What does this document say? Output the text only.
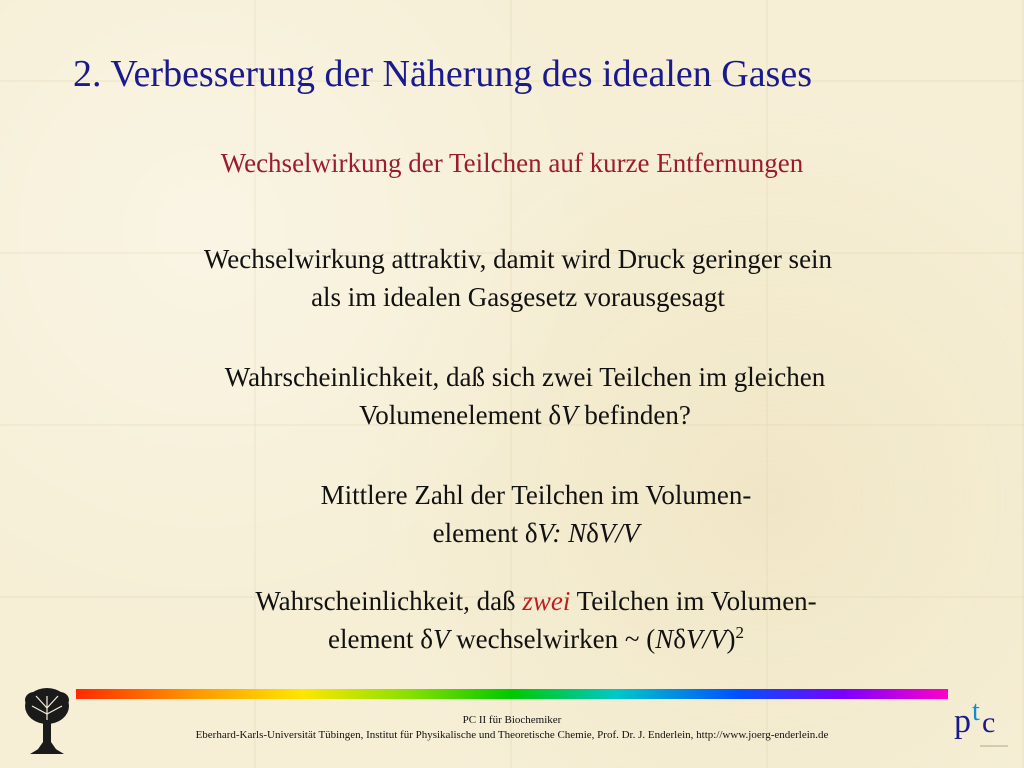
2. Verbesserung der Näherung des idealen Gases
Wechselwirkung der Teilchen auf kurze Entfernungen
Wechselwirkung attraktiv, damit wird Druck geringer sein
als im idealen Gasgesetz vorausgesagt
Wahrscheinlichkeit, daß sich zwei Teilchen im gleichen
Volumenelement δV befinden?
Mittlere Zahl der Teilchen im Volumen-
element δV: NδV/V
Wahrscheinlichkeit, daß zwei Teilchen im Volumen-
element δV wechselwirken ~ $(N\delta V/V)^2$
p t c
PC II für Biochemiker
Eberhard-Karls-Universität Tübingen, Institut für Physikalische und Theoretische Chemie, Prof. Dr. J. Enderlein, http://www.joerg-enderlein.de
